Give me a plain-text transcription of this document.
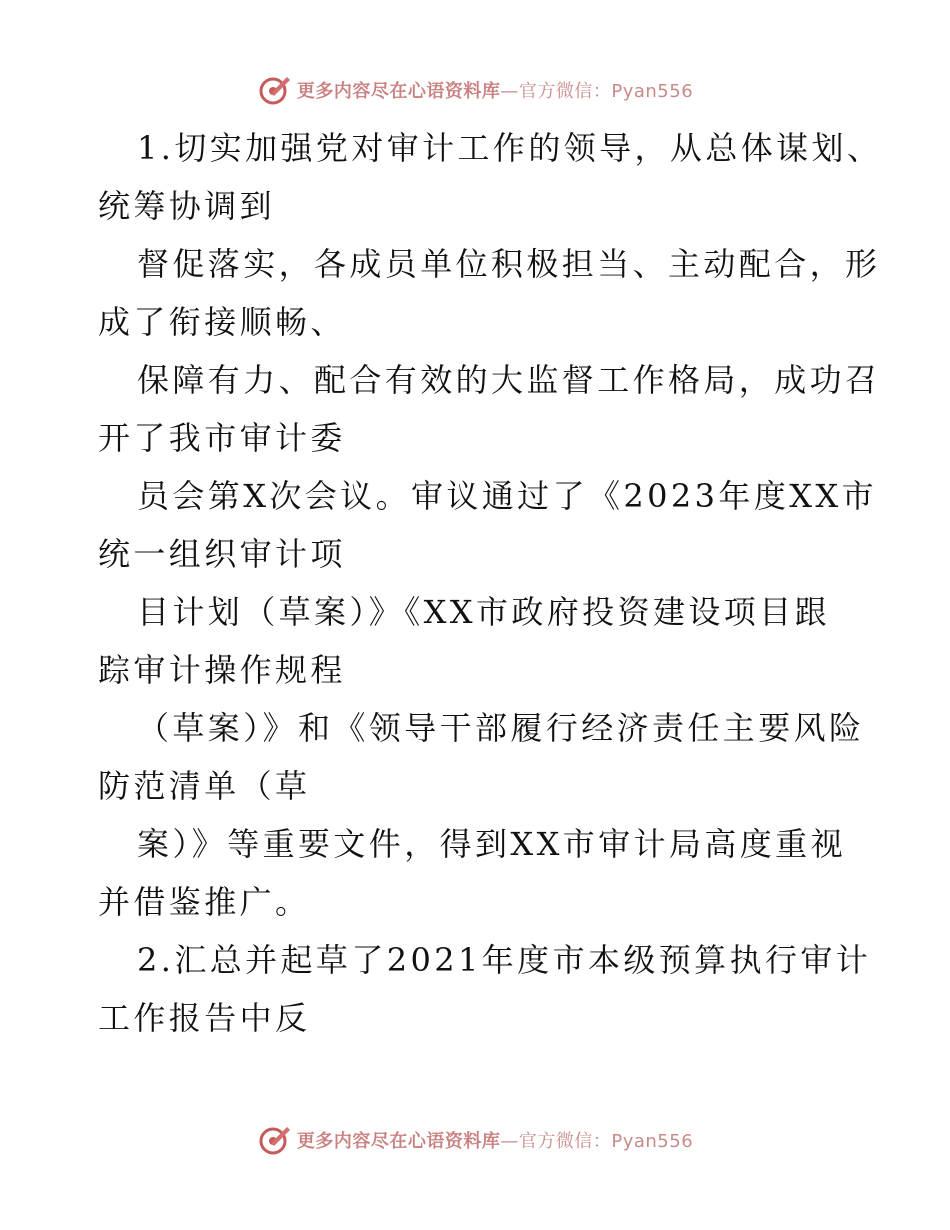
更多内容尽在心语资料库—官方微信：Pyan556
1.切实加强党对审计工作的领导，从总体谋划、
统筹协调到
督促落实，各成员单位积极担当、主动配合，形
成了衔接顺畅、
保障有力、配合有效的大监督工作格局，成功召
开了我市审计委
员会第X次会议。审议通过了《2023年度XX市
统一组织审计项
目计划（草案）》《XX市政府投资建设项目跟
踪审计操作规程
（草案）》和《领导干部履行经济责任主要风险
防范清单（草
案）》等重要文件，得到XX市审计局高度重视
并借鉴推广。
2.汇总并起草了2021年度市本级预算执行审计
工作报告中反
更多内容尽在心语资料库—官方微信：Pyan556
